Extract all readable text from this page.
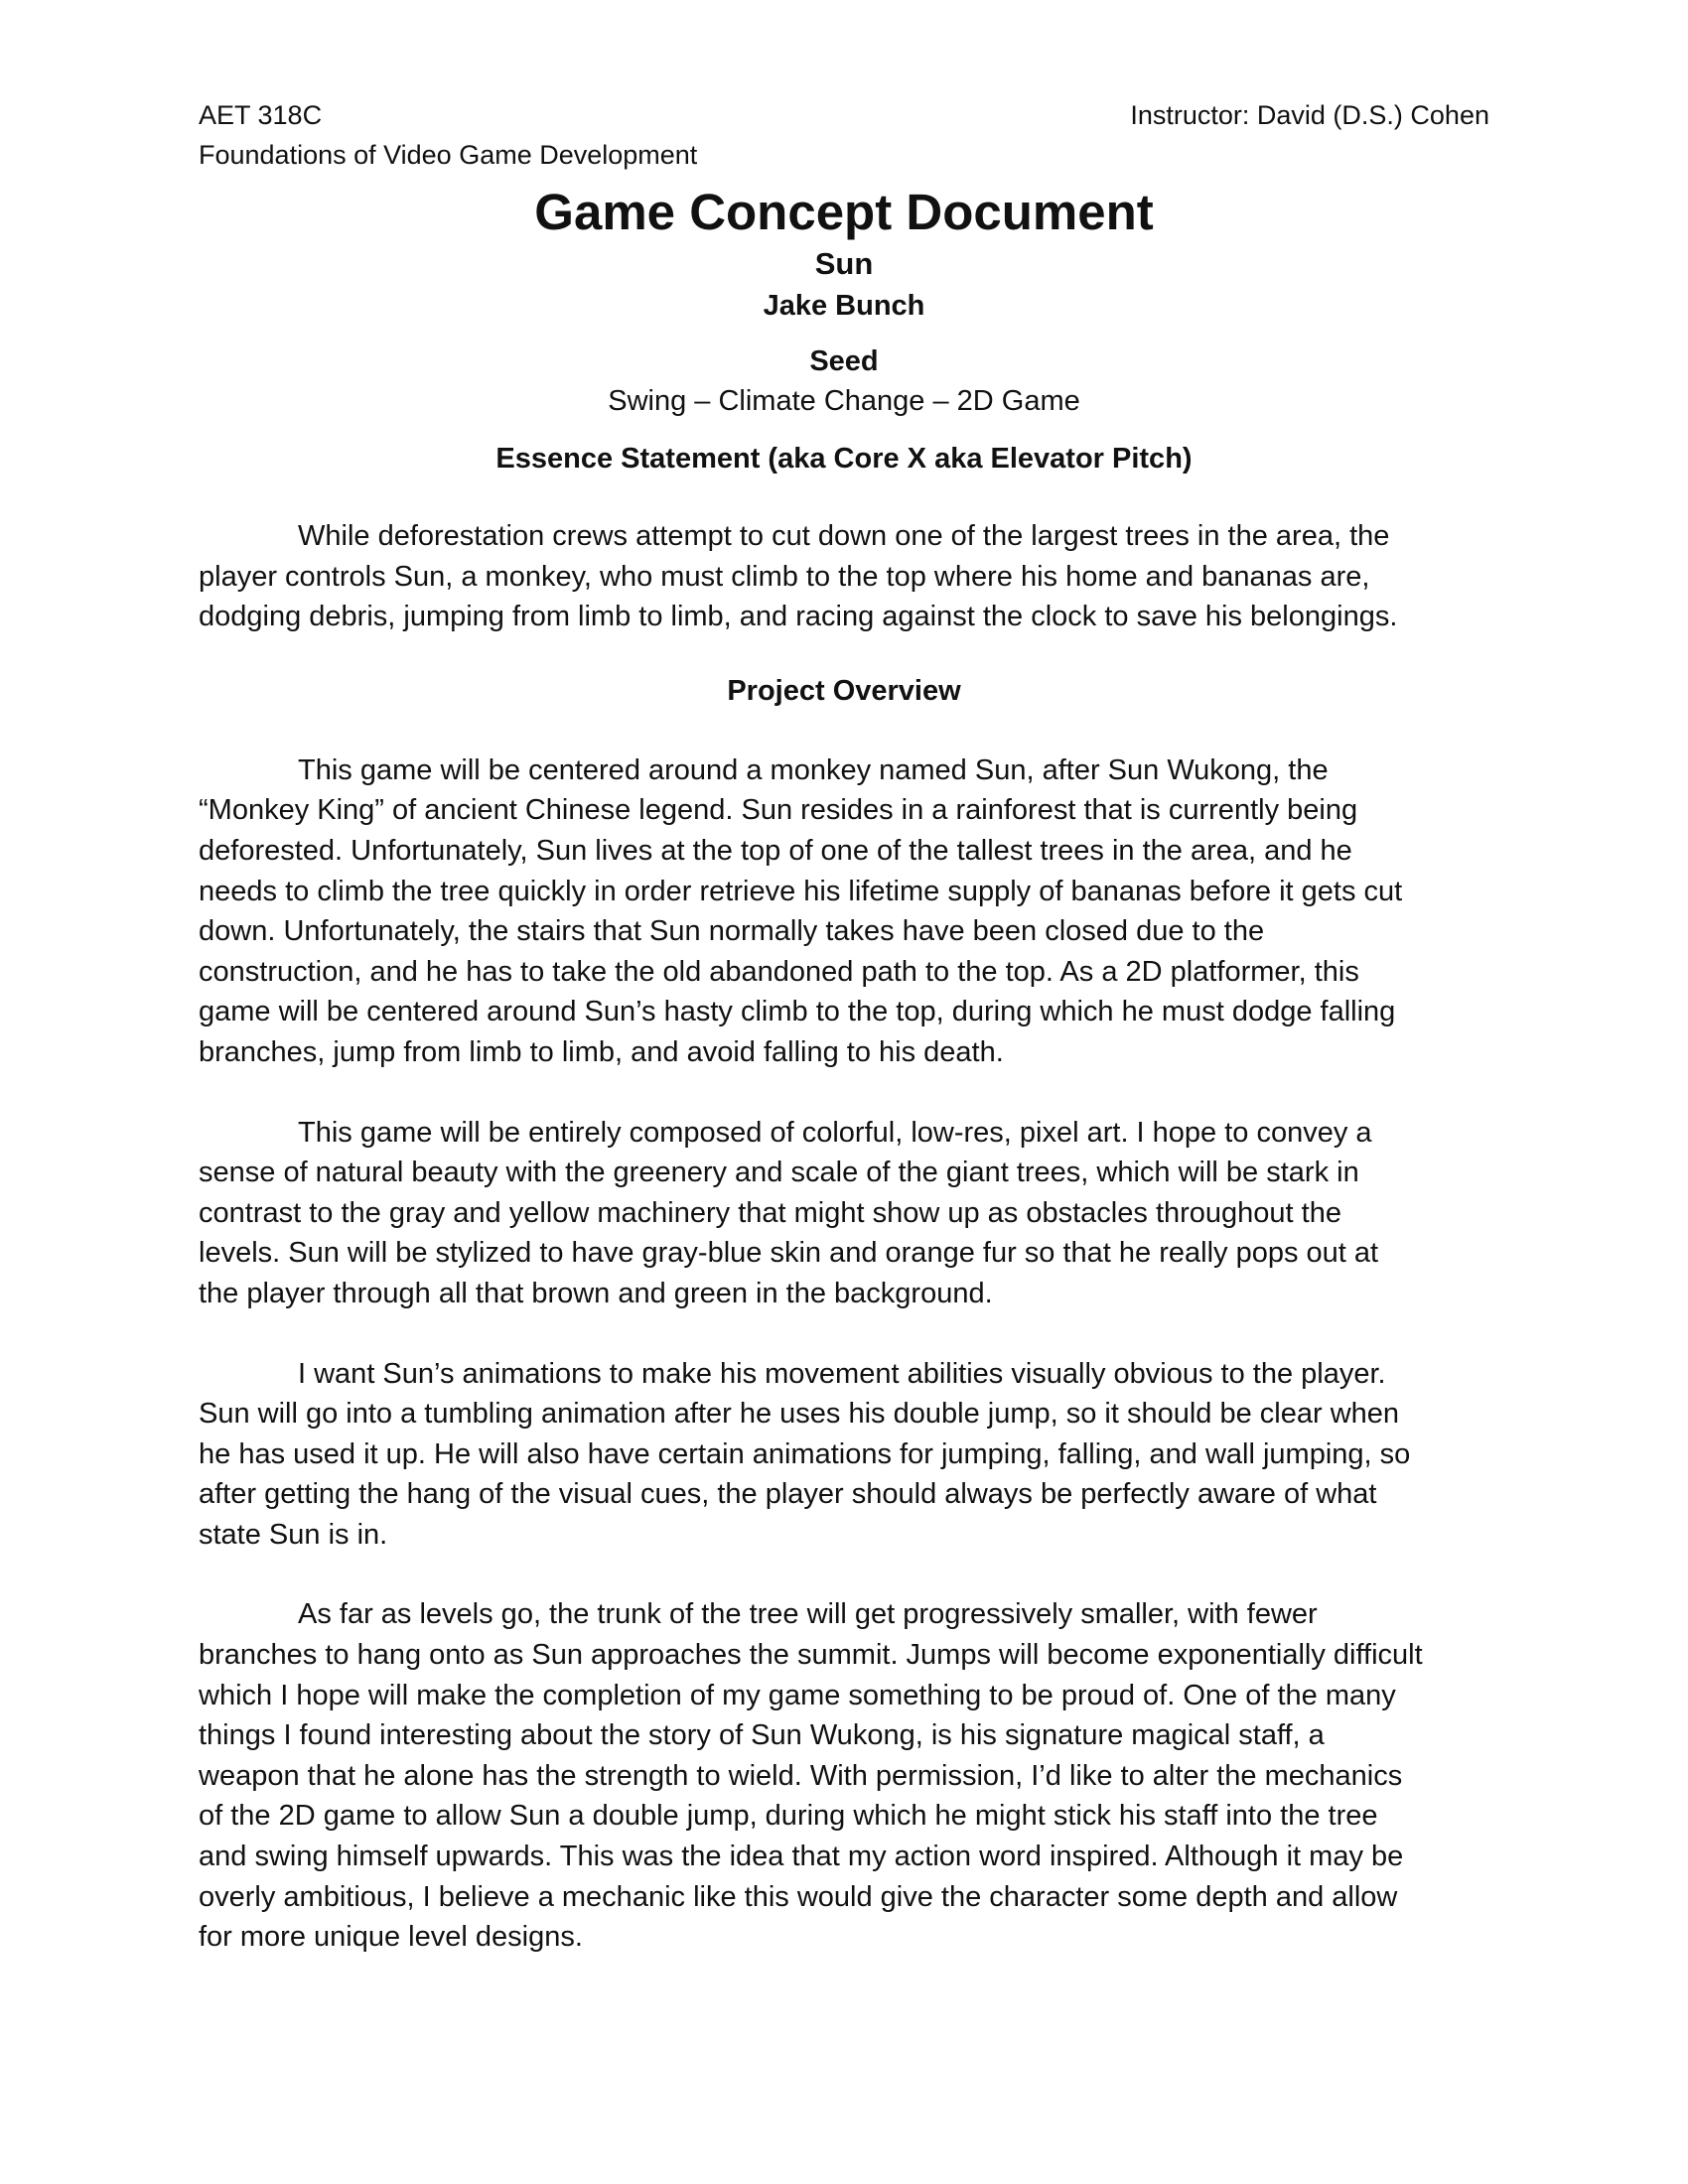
AET 318C	Instructor: David (D.S.) Cohen
Foundations of Video Game Development
Game Concept Document
Sun
Jake Bunch
Seed
Swing – Climate Change – 2D Game
Essence Statement (aka Core X aka Elevator Pitch)

While deforestation crews attempt to cut down one of the largest trees in the area, the
player controls Sun, a monkey, who must climb to the top where his home and bananas are,
dodging debris, jumping from limb to limb, and racing against the clock to save his belongings.

Project Overview

This game will be centered around a monkey named Sun, after Sun Wukong, the
“Monkey King” of ancient Chinese legend. Sun resides in a rainforest that is currently being
deforested. Unfortunately, Sun lives at the top of one of the tallest trees in the area, and he
needs to climb the tree quickly in order retrieve his lifetime supply of bananas before it gets cut
down. Unfortunately, the stairs that Sun normally takes have been closed due to the
construction, and he has to take the old abandoned path to the top. As a 2D platformer, this
game will be centered around Sun’s hasty climb to the top, during which he must dodge falling
branches, jump from limb to limb, and avoid falling to his death.

This game will be entirely composed of colorful, low-res, pixel art. I hope to convey a
sense of natural beauty with the greenery and scale of the giant trees, which will be stark in
contrast to the gray and yellow machinery that might show up as obstacles throughout the
levels. Sun will be stylized to have gray-blue skin and orange fur so that he really pops out at
the player through all that brown and green in the background.

I want Sun’s animations to make his movement abilities visually obvious to the player.
Sun will go into a tumbling animation after he uses his double jump, so it should be clear when
he has used it up. He will also have certain animations for jumping, falling, and wall jumping, so
after getting the hang of the visual cues, the player should always be perfectly aware of what
state Sun is in.

As far as levels go, the trunk of the tree will get progressively smaller, with fewer
branches to hang onto as Sun approaches the summit. Jumps will become exponentially difficult
which I hope will make the completion of my game something to be proud of. One of the many
things I found interesting about the story of Sun Wukong, is his signature magical staff, a
weapon that he alone has the strength to wield. With permission, I’d like to alter the mechanics
of the 2D game to allow Sun a double jump, during which he might stick his staff into the tree
and swing himself upwards. This was the idea that my action word inspired. Although it may be
overly ambitious, I believe a mechanic like this would give the character some depth and allow
for more unique level designs.
